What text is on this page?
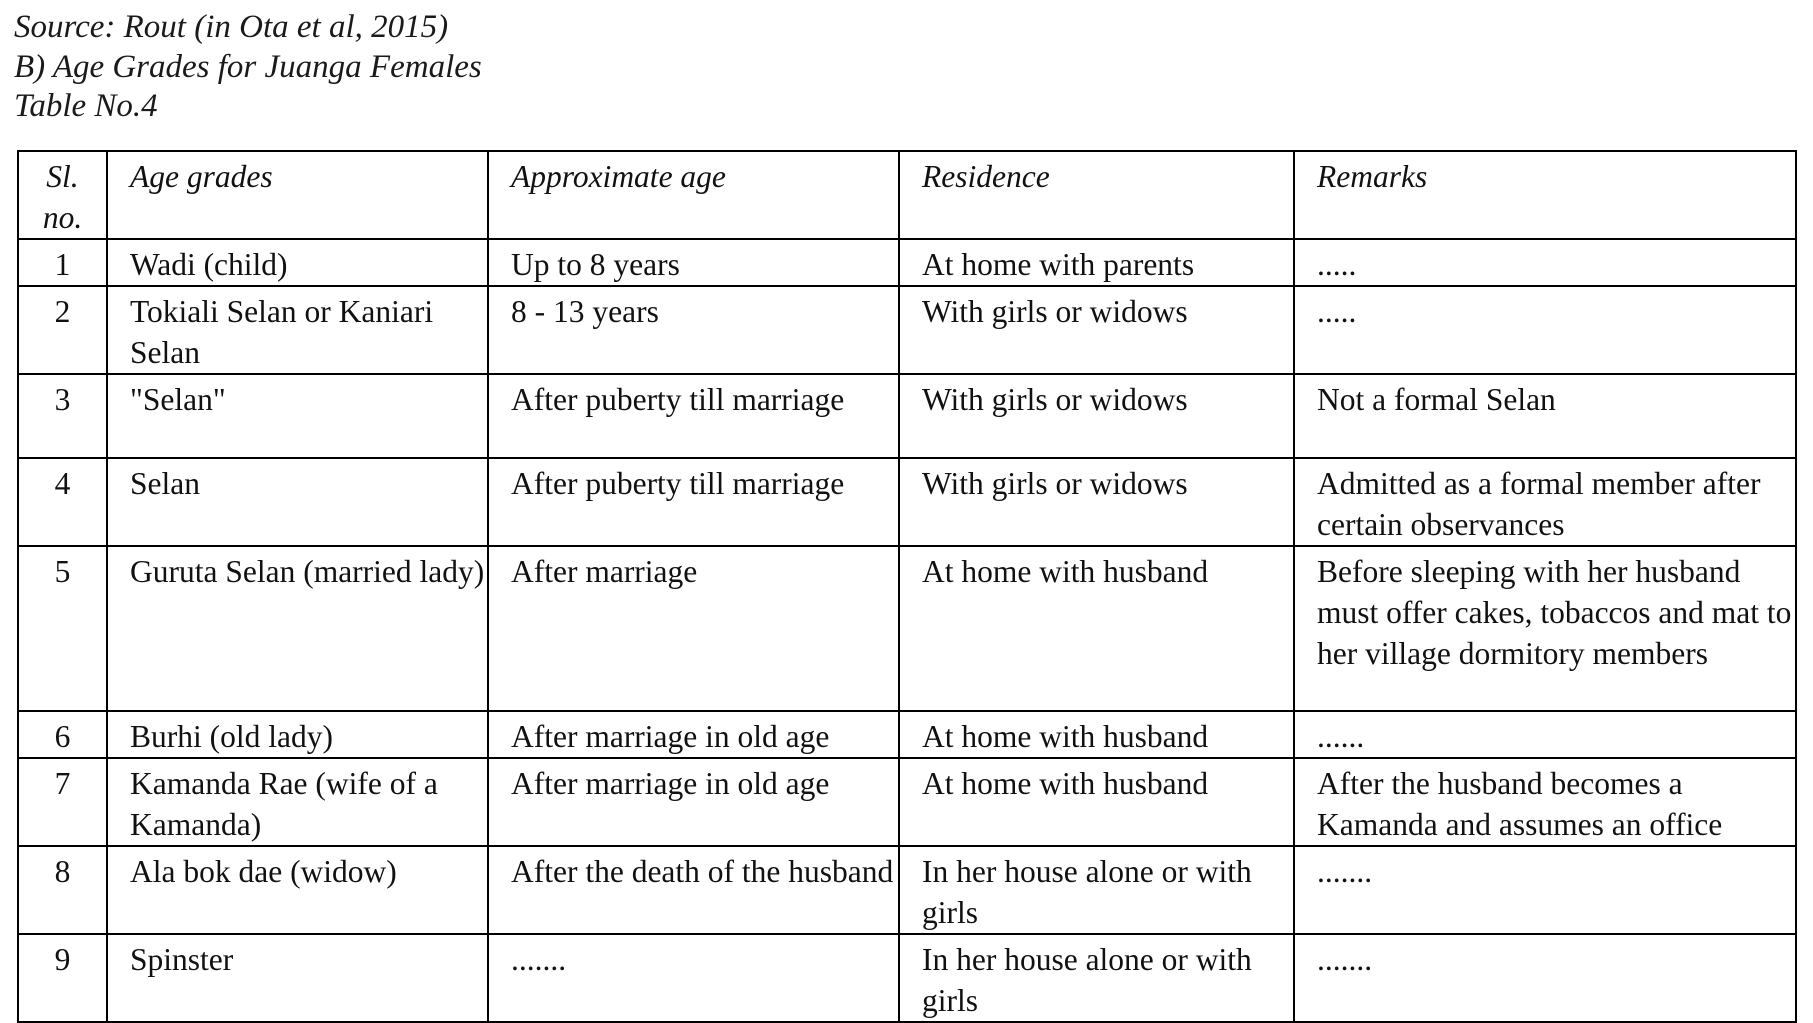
Source: Rout (in Ota et al, 2015)
B) Age Grades for Juanga Females
Table No.4
Sl.
no.	Age grades	Approximate age	Residence	Remarks
1	Wadi (child)	Up to 8 years	At home with parents	.....
2	Tokiali Selan or Kaniari Selan	8 - 13 years	With girls or widows	.....
3	"Selan"	After puberty till marriage	With girls or widows	Not a formal Selan
4	Selan	After puberty till marriage	With girls or widows	Admitted as a formal member after certain observances
5	Guruta Selan (married lady)	After marriage	At home with husband	Before sleeping with her husband must offer cakes, tobaccos and mat to her village dormitory members
6	Burhi (old lady)	After marriage in old age	At home with husband	......
7	Kamanda Rae (wife of a Kamanda)	After marriage in old age	At home with husband	After the husband becomes a Kamanda and assumes an office
8	Ala bok dae (widow)	After the death of the husband	In her house alone or with girls	.......
9	Spinster	.......	In her house alone or with girls	.......
